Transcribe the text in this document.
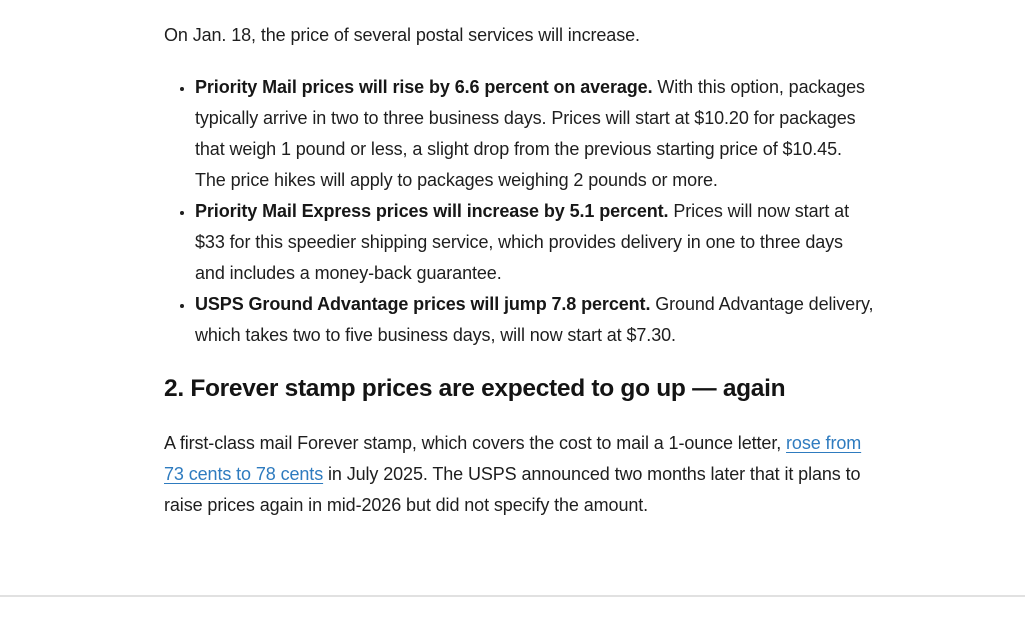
On Jan. 18, the price of several postal services will increase.

• Priority Mail prices will rise by 6.6 percent on average. With this option, packages typically arrive in two to three business days. Prices will start at $10.20 for packages that weigh 1 pound or less, a slight drop from the previous starting price of $10.45. The price hikes will apply to packages weighing 2 pounds or more.
• Priority Mail Express prices will increase by 5.1 percent. Prices will now start at $33 for this speedier shipping service, which provides delivery in one to three days and includes a money-back guarantee.
• USPS Ground Advantage prices will jump 7.8 percent. Ground Advantage delivery, which takes two to five business days, will now start at $7.30.
2. Forever stamp prices are expected to go up — again

A first-class mail Forever stamp, which covers the cost to mail a 1-ounce letter, rose from 73 cents to 78 cents in July 2025. The USPS announced two months later that it plans to raise prices again in mid-2026 but did not specify the amount.
